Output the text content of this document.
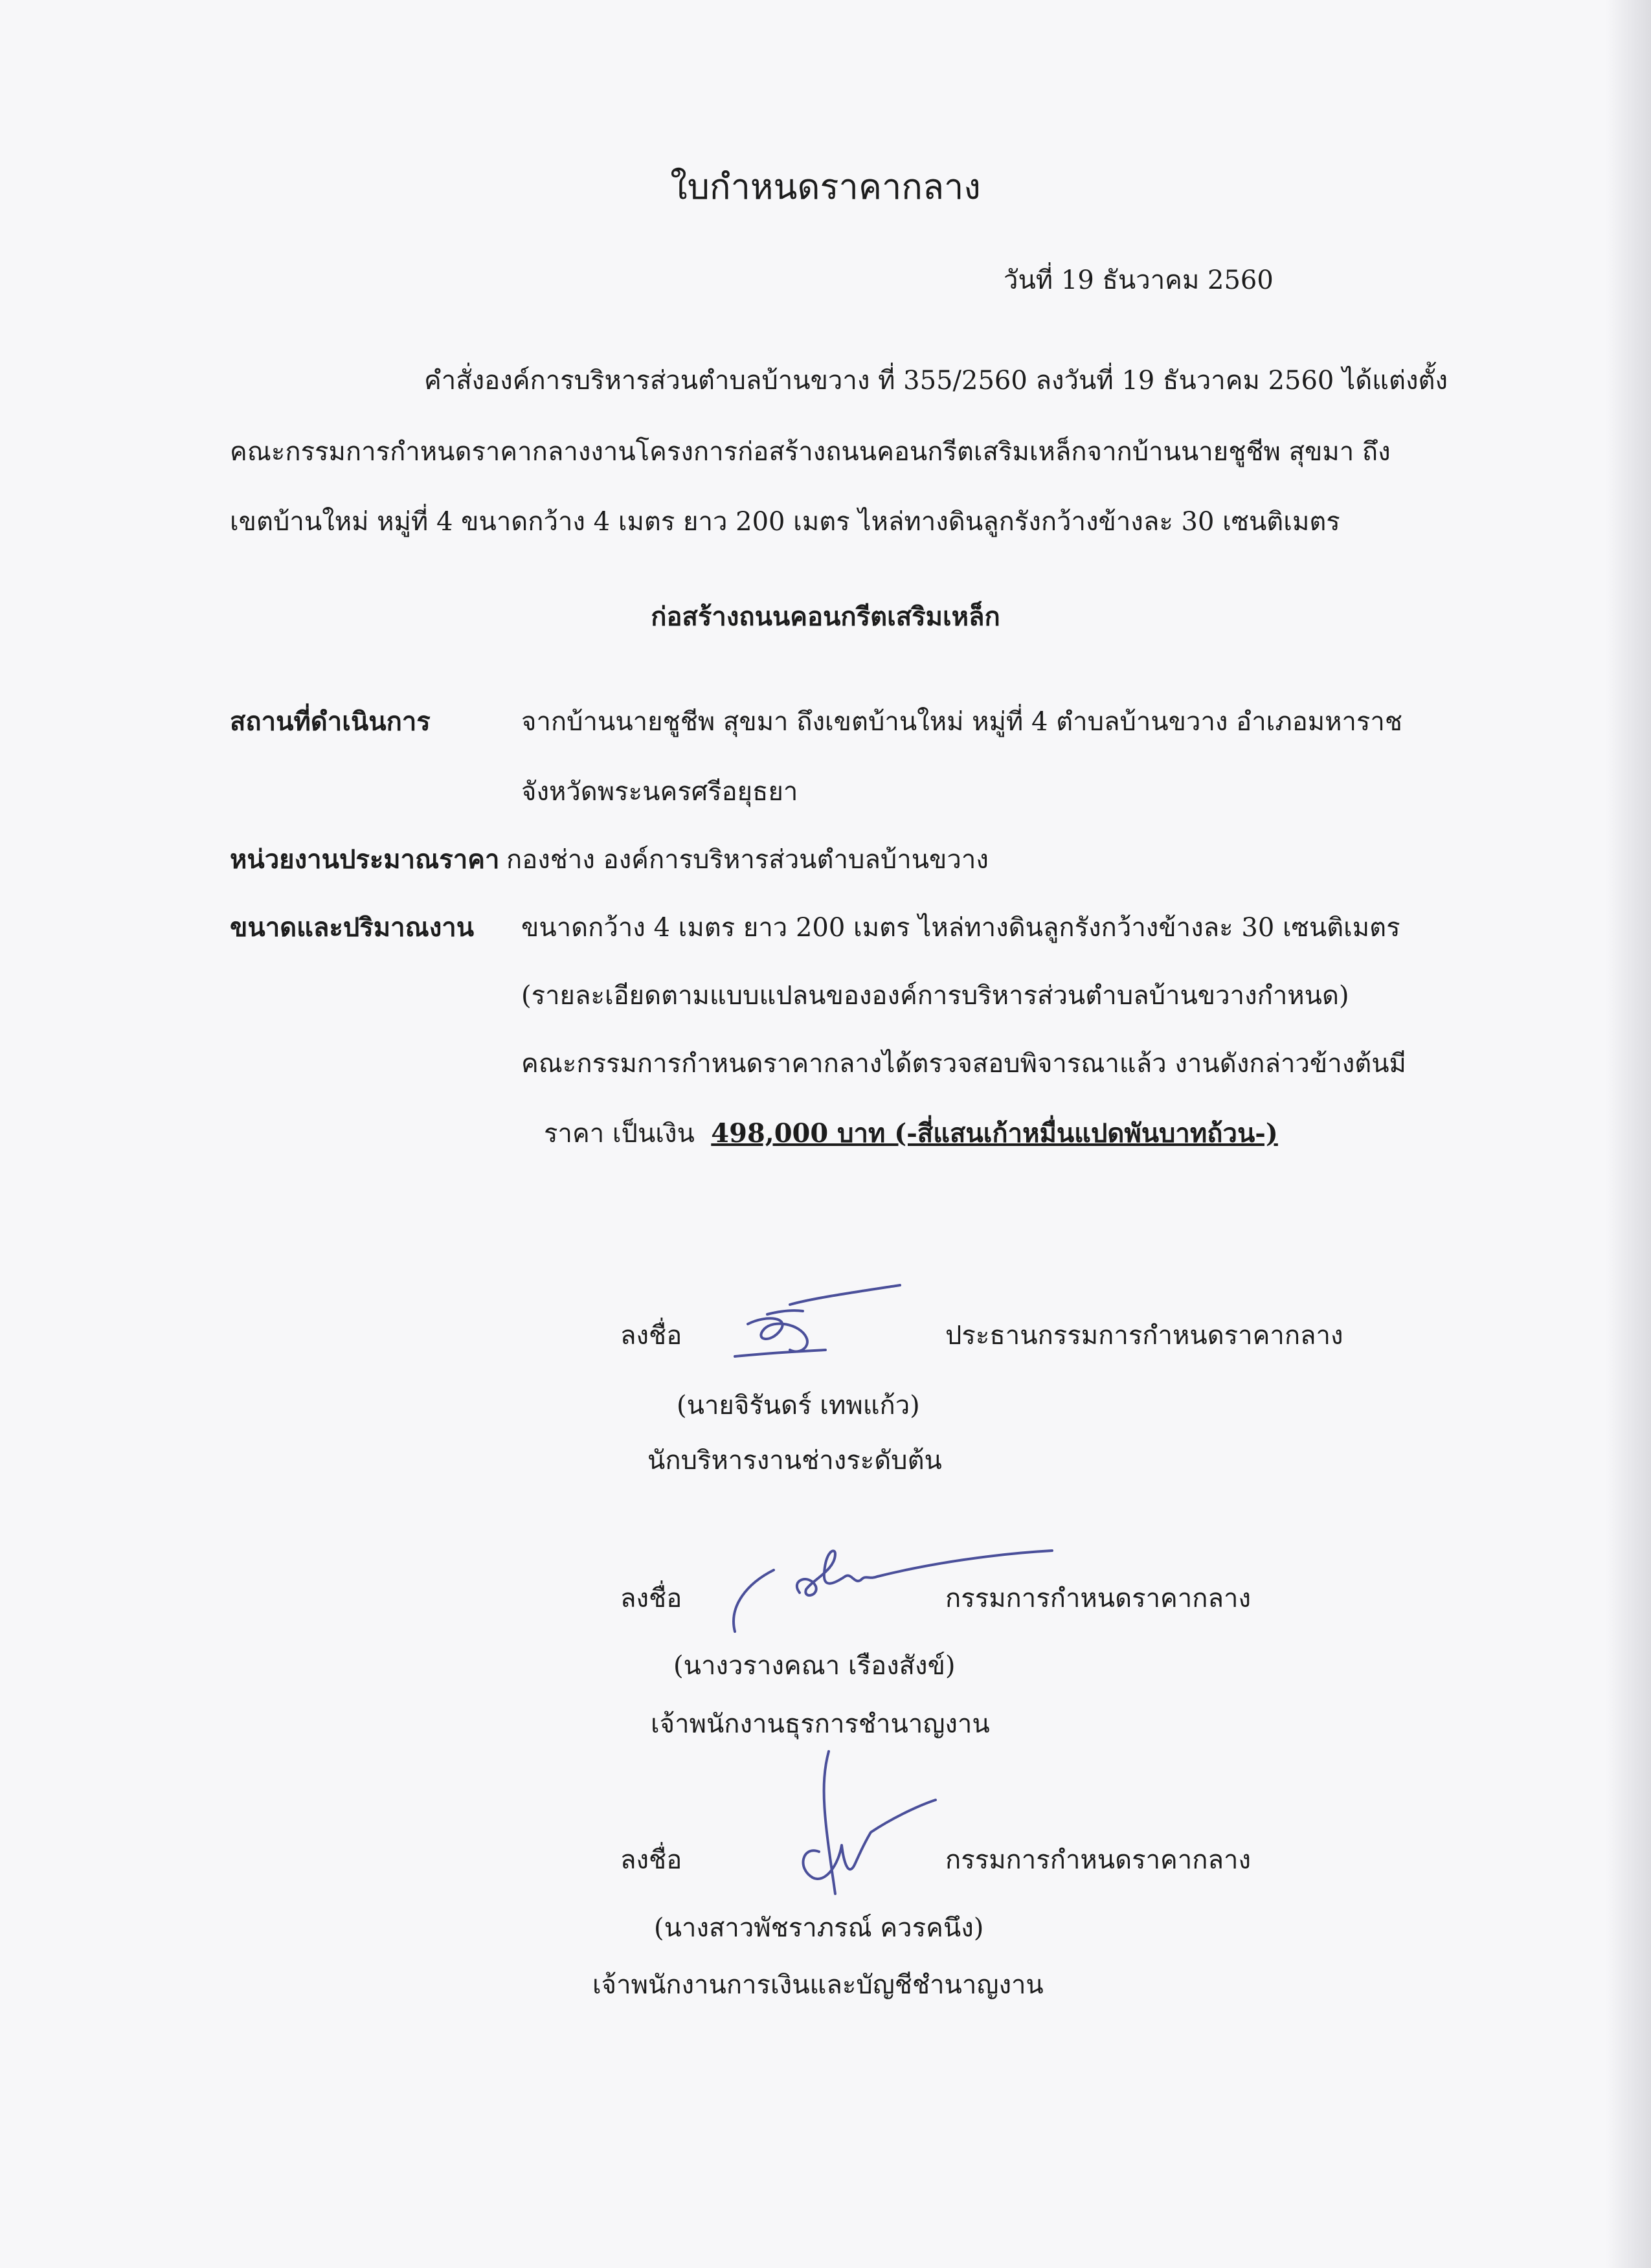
ใบกำหนดราคากลาง
วันที่ 19 ธันวาคม 2560
คำสั่งองค์การบริหารส่วนตำบลบ้านขวาง ที่ 355/2560 ลงวันที่ 19 ธันวาคม 2560 ได้แต่งตั้ง
คณะกรรมการกำหนดราคากลางงานโครงการก่อสร้างถนนคอนกรีตเสริมเหล็กจากบ้านนายชูชีพ สุขมา ถึง
เขตบ้านใหม่ หมู่ที่ 4 ขนาดกว้าง 4 เมตร ยาว 200 เมตร ไหล่ทางดินลูกรังกว้างข้างละ 30 เซนติเมตร
ก่อสร้างถนนคอนกรีตเสริมเหล็ก
สถานที่ดำเนินการ	จากบ้านนายชูชีพ สุขมา ถึงเขตบ้านใหม่ หมู่ที่ 4 ตำบลบ้านขวาง อำเภอมหาราช
จังหวัดพระนครศรีอยุธยา
หน่วยงานประมาณราคา กองช่าง องค์การบริหารส่วนตำบลบ้านขวาง
ขนาดและปริมาณงาน ขนาดกว้าง 4 เมตร ยาว 200 เมตร ไหล่ทางดินลูกรังกว้างข้างละ 30 เซนติเมตร
(รายละเอียดตามแบบแปลนขององค์การบริหารส่วนตำบลบ้านขวางกำหนด)
คณะกรรมการกำหนดราคากลางได้ตรวจสอบพิจารณาแล้ว งานดังกล่าวข้างต้นมี
ราคา เป็นเงิน 498,000 บาท (-สี่แสนเก้าหมื่นแปดพันบาทถ้วน-)
ลงชื่อ	ประธานกรรมการกำหนดราคากลาง
(นายจิรันดร์ เทพแก้ว)
นักบริหารงานช่างระดับต้น
ลงชื่อ	กรรมการกำหนดราคากลาง
(นางวรางคณา เรืองสังข์)
เจ้าพนักงานธุรการชำนาญงาน
ลงชื่อ	กรรมการกำหนดราคากลาง
(นางสาวพัชราภรณ์ ควรคนึง)
เจ้าพนักงานการเงินและบัญชีชำนาญงาน
